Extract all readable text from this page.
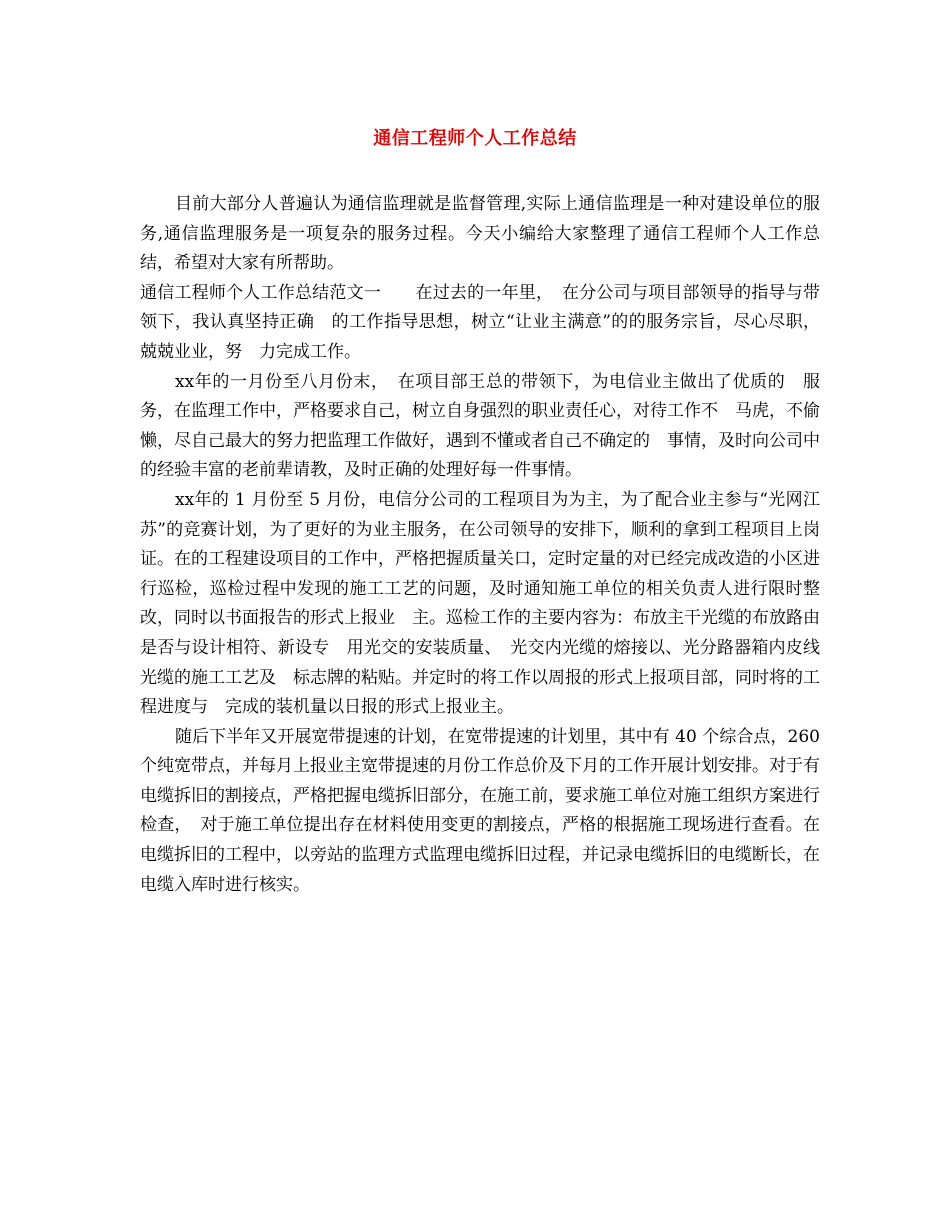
通信工程师个人工作总结

目前大部分人普遍认为通信监理就是监督管理,实际上通信监理是一种对建设单位的服务,通信监理服务是一项复杂的服务过程。今天小编给大家整理了通信工程师个人工作总结，希望对大家有所帮助。

通信工程师个人工作总结范文一　　在过去的一年里，　在分公司与项目部领导的指导与带领下，我认真坚持正确　的工作指导思想，树立“让业主满意”的的服务宗旨，尽心尽职，兢兢业业，努　力完成工作。

xx年的一月份至八月份末，　在项目部王总的带领下，为电信业主做出了优质的　服务，在监理工作中，严格要求自己，树立自身强烈的职业责任心，对待工作不　马虎，不偷懒，尽自己最大的努力把监理工作做好，遇到不懂或者自己不确定的　事情，及时向公司中的经验丰富的老前辈请教，及时正确的处理好每一件事情。

xx年的 1 月份至 5 月份，电信分公司的工程项目为为主，为了配合业主参与“光网江苏”的竞赛计划，为了更好的为业主服务，在公司领导的安排下，顺利的拿到工程项目上岗证。在的工程建设项目的工作中，严格把握质量关口，定时定量的对已经完成改造的小区进行巡检，巡检过程中发现的施工工艺的问题，及时通知施工单位的相关负责人进行限时整改，同时以书面报告的形式上报业　主。巡检工作的主要内容为：布放主干光缆的布放路由是否与设计相符、新设专　用光交的安装质量、　光交内光缆的熔接以、光分路器箱内皮线光缆的施工工艺及　标志牌的粘贴。并定时的将工作以周报的形式上报项目部，同时将的工程进度与　完成的装机量以日报的形式上报业主。

随后下半年又开展宽带提速的计划，在宽带提速的计划里，其中有 40 个综合点，260 个纯宽带点，并每月上报业主宽带提速的月份工作总价及下月的工作开展计划安排。对于有电缆拆旧的割接点，严格把握电缆拆旧部分，在施工前，要求施工单位对施工组织方案进行检查，　对于施工单位提出存在材料使用变更的割接点，严格的根据施工现场进行查看。在电缆拆旧的工程中，以旁站的监理方式监理电缆拆旧过程，并记录电缆拆旧的电缆断长，在电缆入库时进行核实。
